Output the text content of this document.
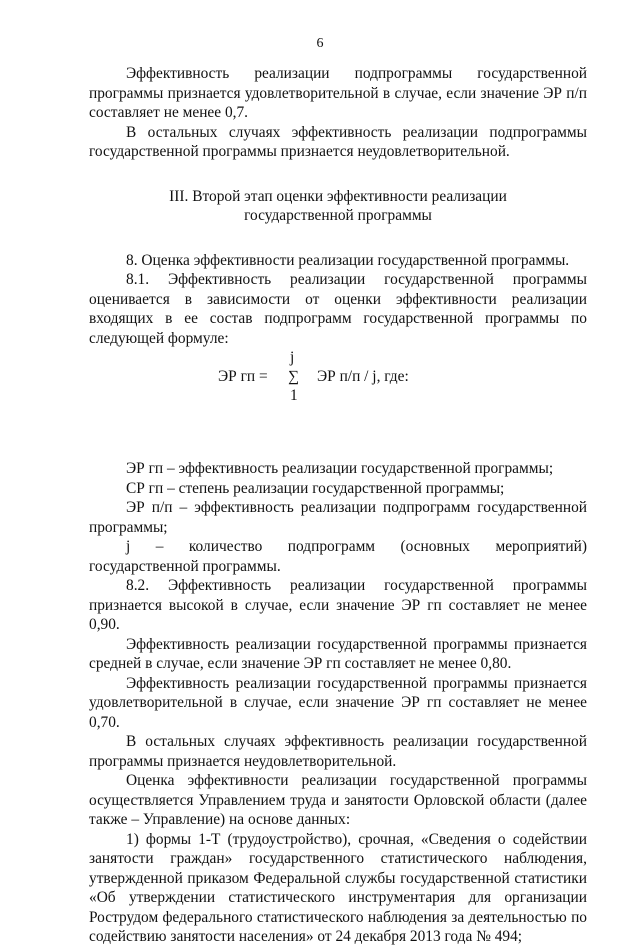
6

Эффективность реализации подпрограммы государственной программы признается удовлетворительной в случае, если значение ЭР п/п составляет не менее 0,7.

В остальных случаях эффективность реализации подпрограммы государственной программы признается неудовлетворительной.

III. Второй этап оценки эффективности реализации

государственной программы

8. Оценка эффективности реализации государственной программы.

8.1. Эффективность реализации государственной программы оценивается в зависимости от оценки эффективности реализации входящих в ее состав подпрограмм государственной программы по следующей формуле:

ЭР гп =
j
∑
1
ЭР п/п / j, где:

ЭР гп – эффективность реализации государственной программы;

СР гп – степень реализации государственной программы;

ЭР п/п – эффективность реализации подпрограмм государственной программы;

j – количество подпрограмм (основных мероприятий) государственной программы.

8.2. Эффективность реализации государственной программы признается высокой в случае, если значение ЭР гп составляет не менее 0,90.

Эффективность реализации государственной программы признается средней в случае, если значение ЭР гп составляет не менее 0,80.

Эффективность реализации государственной программы признается удовлетворительной в случае, если значение ЭР гп составляет не менее 0,70.

В остальных случаях эффективность реализации государственной программы признается неудовлетворительной.

Оценка эффективности реализации государственной программы осуществляется Управлением труда и занятости Орловской области (далее также – Управление) на основе данных:

1) формы 1-Т (трудоустройство), срочная, «Сведения о содействии занятости граждан» государственного статистического наблюдения, утвержденной приказом Федеральной службы государственной статистики «Об утверждении статистического инструментария для организации Рострудом федерального статистического наблюдения за деятельностью по содействию занятости населения» от 24 декабря 2013 года № 494;
